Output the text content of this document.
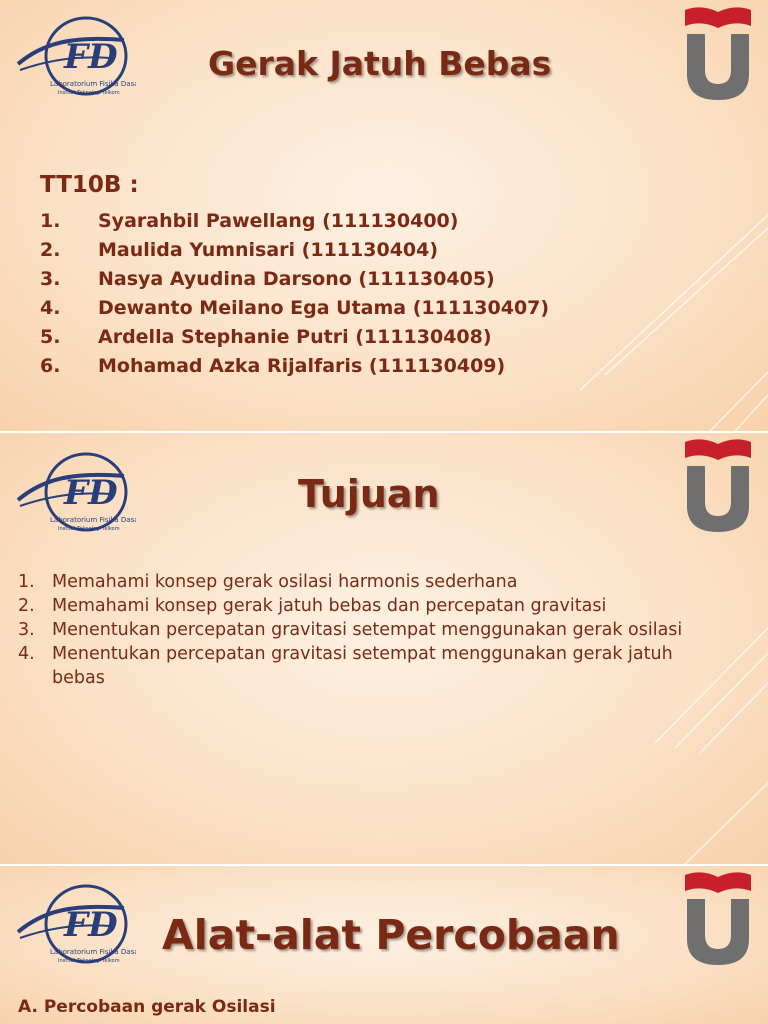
FD
Laboratorium Fisika Dasar
Institut Teknologi Telkom
Gerak Jatuh Bebas
TT10B :
1. Syarahbil Pawellang (111130400)
2. Maulida Yumnisari (111130404)
3. Nasya Ayudina Darsono (111130405)
4. Dewanto Meilano Ega Utama (111130407)
5. Ardella Stephanie Putri (111130408)
6. Mohamad Azka Rijalfaris (111130409)
FD
Laboratorium Fisika Dasar
Institut Teknologi Telkom
Tujuan
1. Memahami konsep gerak osilasi harmonis sederhana
2. Memahami konsep gerak jatuh bebas dan percepatan gravitasi
3. Menentukan percepatan gravitasi setempat menggunakan gerak osilasi
4. Menentukan percepatan gravitasi setempat menggunakan gerak jatuh bebas
FD
Laboratorium Fisika Dasar
Institut Teknologi Telkom
Alat-alat Percobaan
A. Percobaan gerak Osilasi
